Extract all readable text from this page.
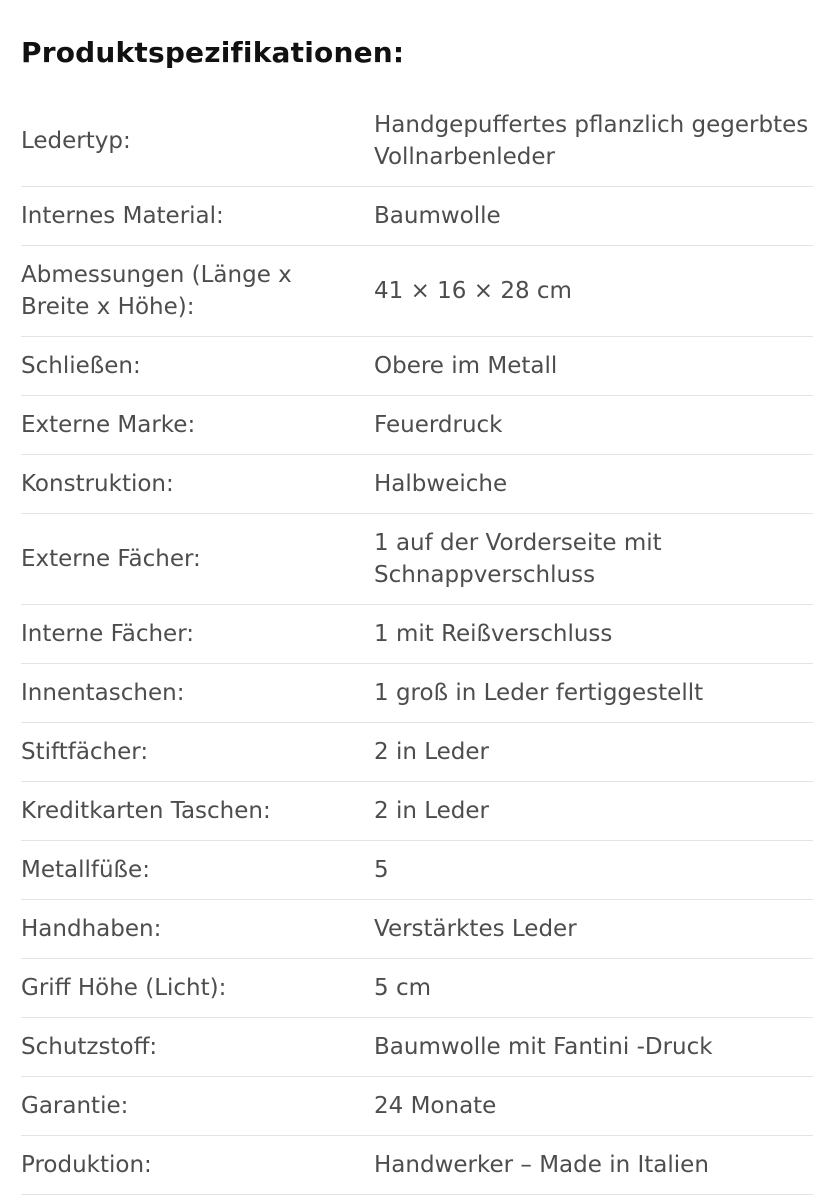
Produktspezifikationen:
Ledertyp:	Handgepuffertes pflanzlich gegerbtes Vollnarbenleder
Internes Material:	Baumwolle
Abmessungen (Länge x Breite x Höhe):	41 × 16 × 28 cm
Schließen:	Obere im Metall
Externe Marke:	Feuerdruck
Konstruktion:	Halbweiche
Externe Fächer:	1 auf der Vorderseite mit Schnappverschluss
Interne Fächer:	1 mit Reißverschluss
Innentaschen:	1 groß in Leder fertiggestellt
Stiftfächer:	2 in Leder
Kreditkarten Taschen:	2 in Leder
Metallfüße:	5
Handhaben:	Verstärktes Leder
Griff Höhe (Licht):	5 cm
Schutzstoff:	Baumwolle mit Fantini -Druck
Garantie:	24 Monate
Produktion:	Handwerker – Made in Italien
